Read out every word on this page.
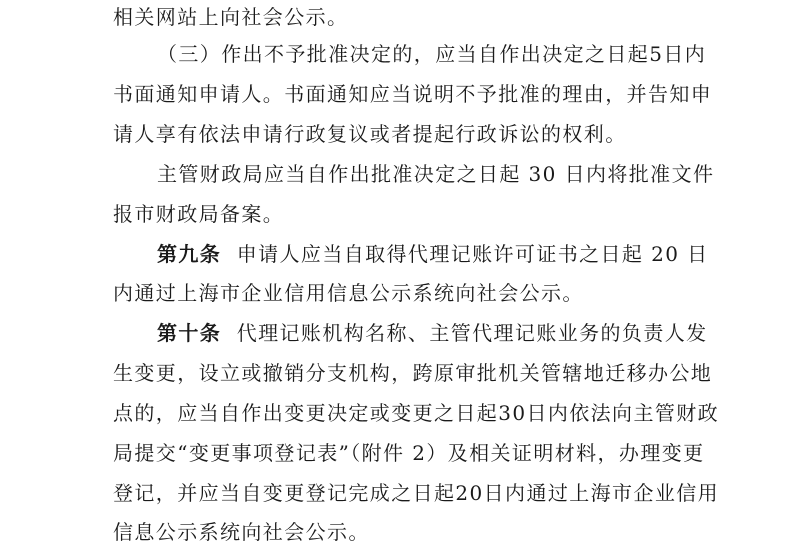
相关网站上向社会公示。
（三）作出不予批准决定的，应当自作出决定之日起5日内
书面通知申请人。书面通知应当说明不予批准的理由，并告知申
请人享有依法申请行政复议或者提起行政诉讼的权利。
主管财政局应当自作出批准决定之日起 30 日内将批准文件
报市财政局备案。
第九条 申请人应当自取得代理记账许可证书之日起 20 日
内通过上海市企业信用信息公示系统向社会公示。
第十条 代理记账机构名称、主管代理记账业务的负责人发
生变更，设立或撤销分支机构，跨原审批机关管辖地迁移办公地
点的，应当自作出变更决定或变更之日起30日内依法向主管财政
局提交“变更事项登记表”（附件 2）及相关证明材料，办理变更
登记，并应当自变更登记完成之日起20日内通过上海市企业信用
信息公示系统向社会公示。
